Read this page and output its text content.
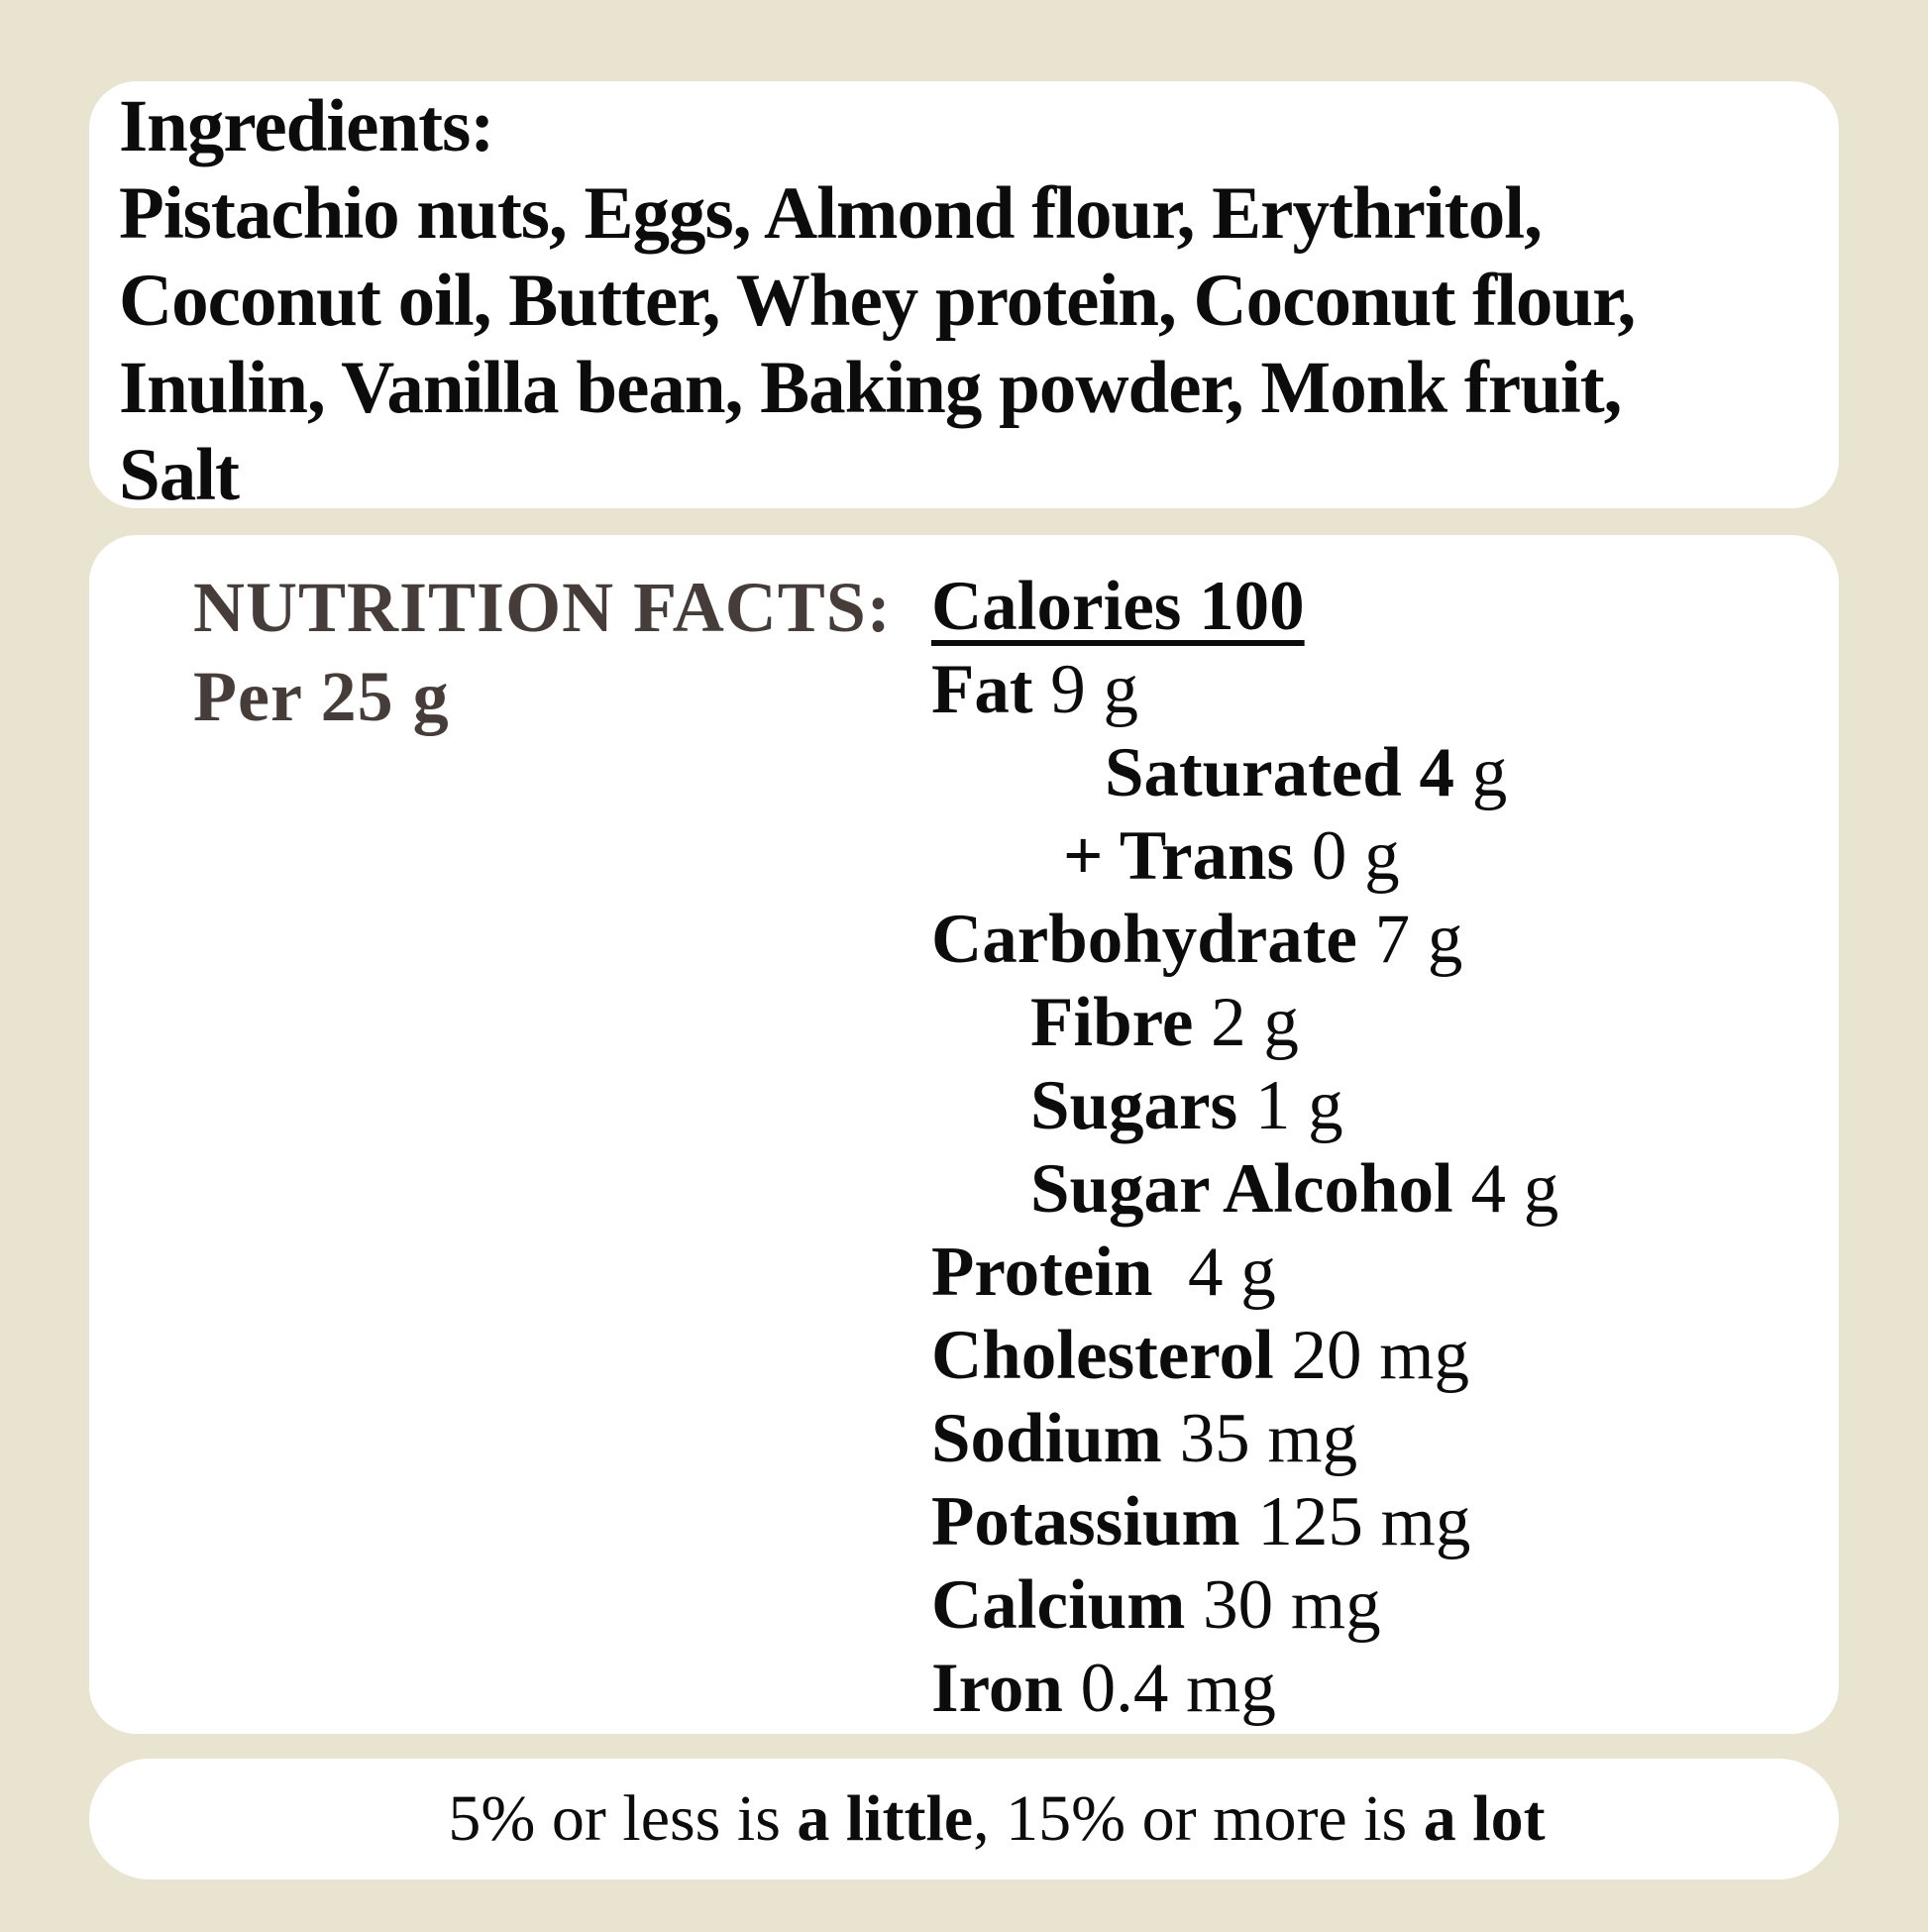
Ingredients:
Pistachio nuts, Eggs, Almond flour, Erythritol,
Coconut oil, Butter, Whey protein, Coconut flour,
Inulin, Vanilla bean, Baking powder, Monk fruit,
Salt
NUTRITION FACTS:
Per 25 g
Calories 100
Fat 9 g
Saturated 4 g
+ Trans 0 g
Carbohydrate 7 g
Fibre 2 g
Sugars 1 g
Sugar Alcohol 4 g
Protein  4 g
Cholesterol 20 mg
Sodium 35 mg
Potassium 125 mg
Calcium 30 mg
Iron 0.4 mg

5% or less is a little, 15% or more is a lot
